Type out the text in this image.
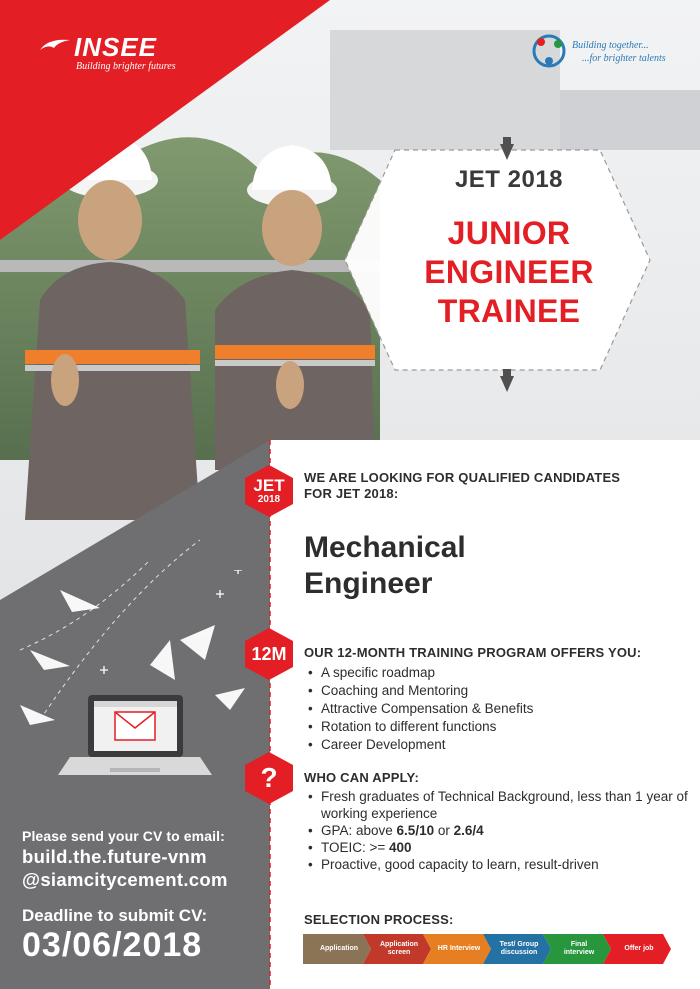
INSEE
Building brighter futures
Building together...
...for brighter talents
JET 2018
JUNIOR
ENGINEER
TRAINEE
JET
2018
WE ARE LOOKING FOR QUALIFIED CANDIDATES
FOR JET 2018:
Mechanical
Engineer
12M OUR 12-MONTH TRAINING PROGRAM OFFERS YOU:
• A specific roadmap
• Coaching and Mentoring
• Attractive Compensation & Benefits
• Rotation to different functions
• Career Development
? WHO CAN APPLY:
• Fresh graduates of Technical Background, less than 1 year of working experience
• GPA: above 6.5/10 or 2.6/4
• TOEIC: >= 400
• Proactive, good capacity to learn, result-driven
SELECTION PROCESS:
Application
Application screen
HR Interview
Test/ Group discussion
Final interview
Offer job
Please send your CV to email:
build.the.future-vnm
@siamcitycement.com
Deadline to submit CV:
03/06/2018
